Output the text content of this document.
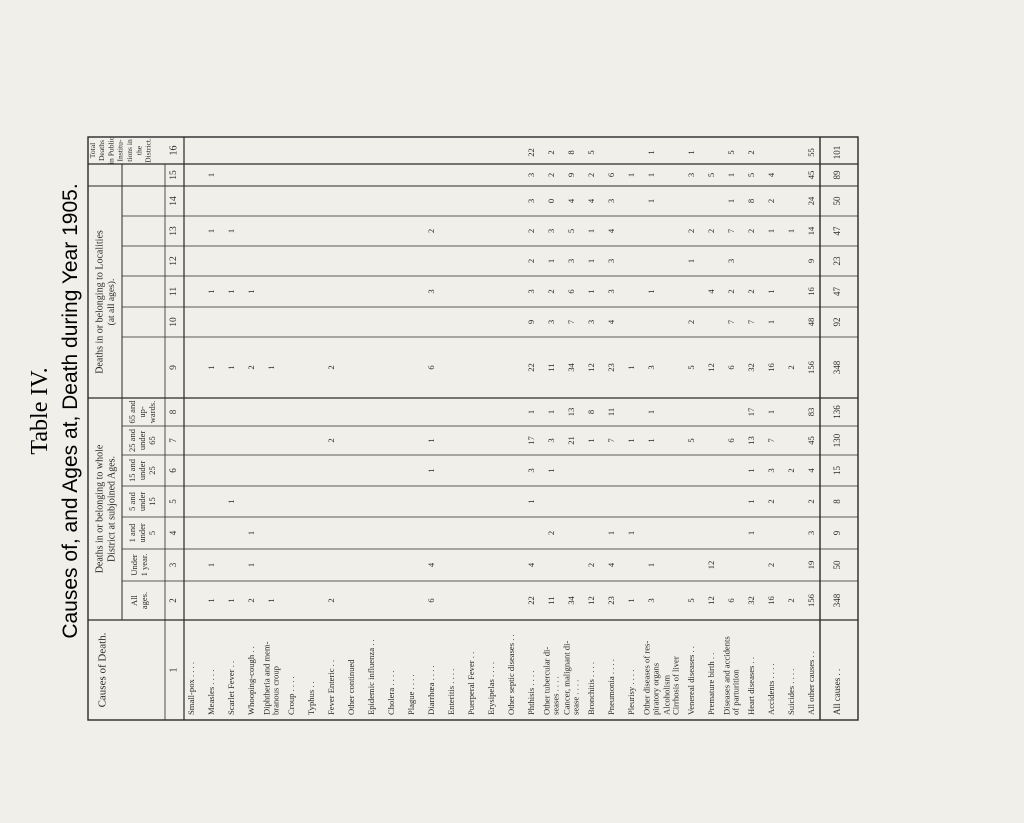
Table IV. Causes of, and Ages at, Death during Year 1905.
Causes of Death.	1
Deaths in or belonging to whole District at subjoined Ages.
Deaths in or belonging to Localities (at all ages).
Total Deaths in Public Institu- tions in the District. 16
All ages. 2
Under 1 year. 3
1 and under 5 4
5 and under 15 5
15 and under 25 6
25 and under 65 7
65 and up- wards. 8
9
10
11
12
13
14
15
Small-pox . . . . Measles . . . .
1
1
1
1
1
1
Scarlet Fever . .
1
1
1
1
1
Whooping-cough . .
2
1
1
2
1
Diphtheria and mem- branous croup
1
1
Croup . . . . Typhus . . Fever Enteric . .
2
2
2
Other continued Epidemic influenza . . Cholera . . . . Plague . . . . Diarrhœa . . . .
6
4
1
1
6
3
2
Enteritis . . . . Puerperal Fever . . Erysipelas . . . . Other septic diseases . . Phthisis . . . .
22
4
1
3
17
1
22
9
3
2
2
3
3
22
Other tubercular di- seases . . . .
11
2
1
3
1
11
3
2
1
3
0
2
2
Cancer, malignant di- sease . . . .
34
21
13
34
7
6
3
5
4
9
8
Bronchitis . . . .
12
2
1
8
12
3
1
1
1
4
2
5
Pneumonia . . . .
23
4
1
7
11
23
4
3
3
4
3
6
Pleurisy . . . .
1
1
1
1
1
Other diseases of res- piratory organs
3
1
1
1
3
1
1
1
1
Alcoholism Cirrhosis of liver Venereal diseases . .
5
5
5
2
1
2
3
1
Premature birth . .
12
12
12
4
2
5
Diseases and accidents of parturition
6
6
6
7
2
3
7
1
1
5
Heart diseases . .
32
1
1
1
13
17
32
7
2
2
8
5
2
Accidents . . . .
16
2
2
3
7
1
16
1
1
1
2
4
Suicides . . . .
2
2
2
1
All other causes . .
156
19
3
2
4
45
83
156
48
16
9
14
24
45
55
All causes . .
348
50
9
8
15
130
136
348
92
47
23
47
50
89
101
